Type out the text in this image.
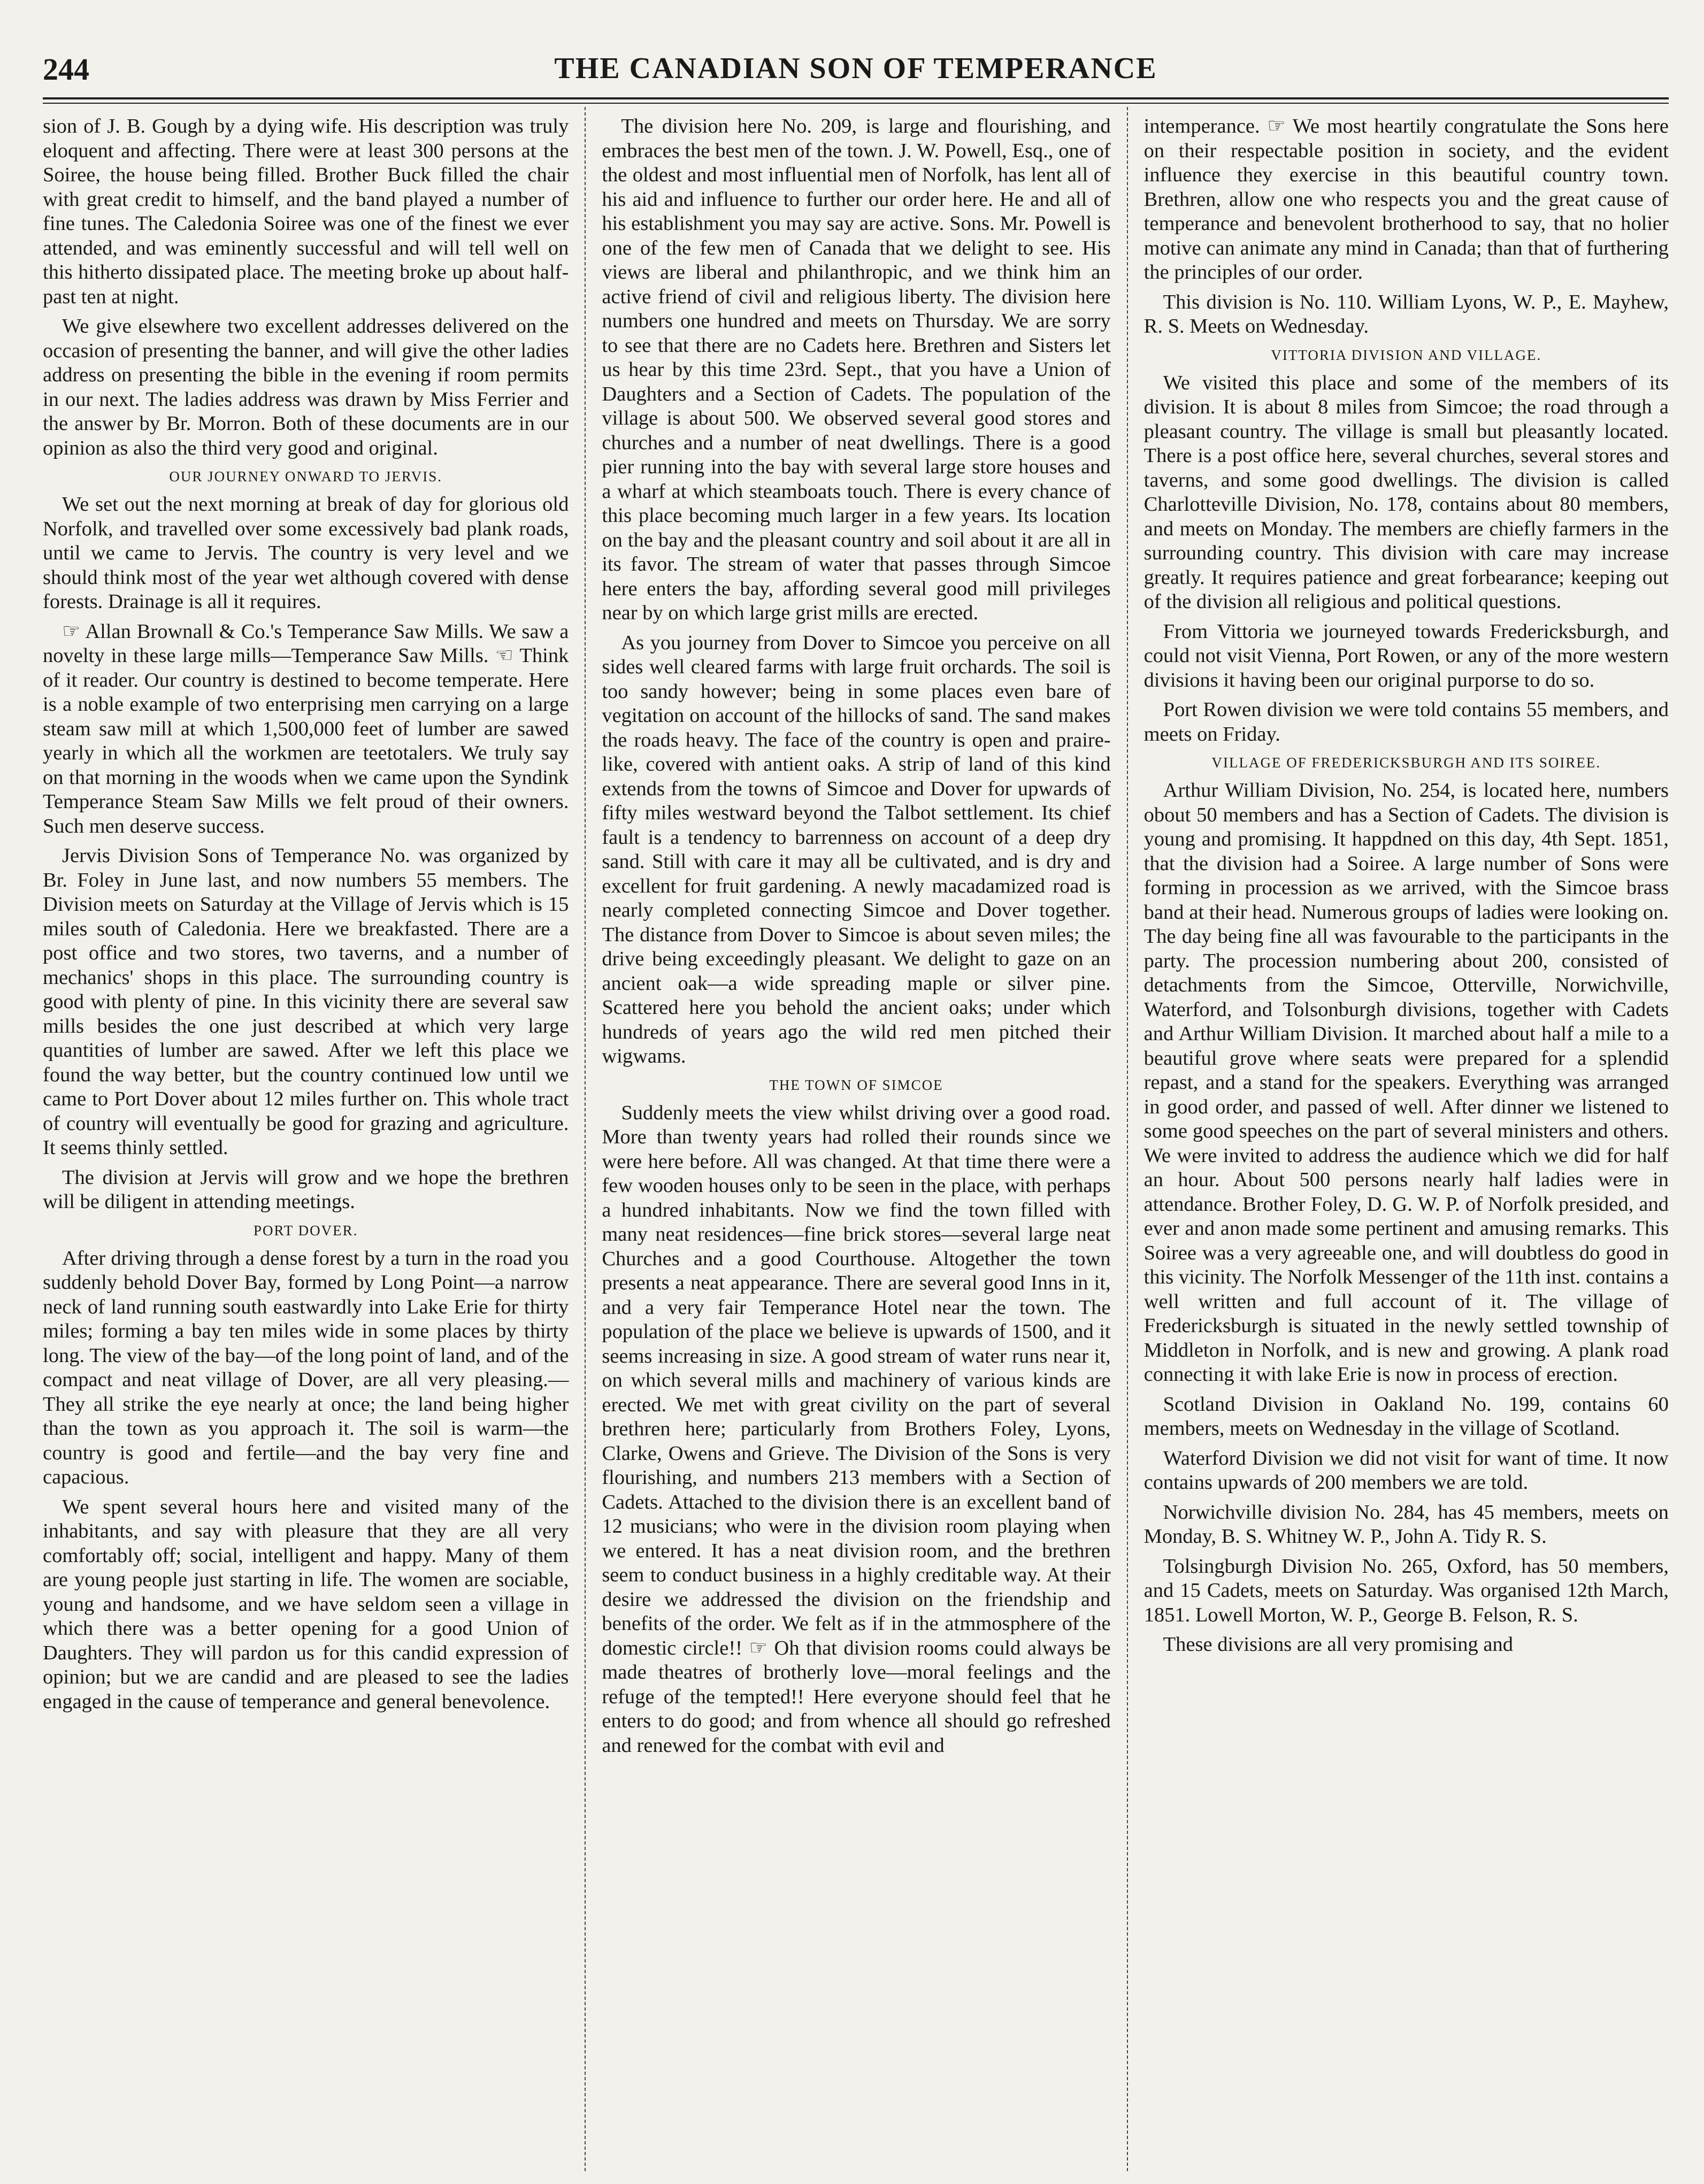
244	THE CANADIAN SON OF TEMPERANCE

sion of J. B. Gough by a dying wife. His description was truly eloquent and affecting. There were at least 300 persons at the Soiree, the house being filled. Brother Buck filled the chair with great credit to himself, and the band played a number of fine tunes. The Caledonia Soiree was one of the finest we ever attended, and was eminently successful and will tell well on this hitherto dissipated place. The meeting broke up about half-past ten at night.

We give elsewhere two excellent addresses delivered on the occasion of presenting the banner, and will give the other ladies address on presenting the bible in the evening if room permits in our next. The ladies address was drawn by Miss Ferrier and the answer by Br. Morron. Both of these documents are in our opinion as also the third very good and original.

OUR JOURNEY ONWARD TO JERVIS.

We set out the next morning at break of day for glorious old Norfolk, and travelled over some excessively bad plank roads, until we came to Jervis. The country is very level and we should think most of the year wet although covered with dense forests. Drainage is all it requires.

☞ Allan Brownall & Co.'s Temperance Saw Mills. We saw a novelty in these large mills—Temperance Saw Mills. ☜ Think of it reader. Our country is destined to become temperate. Here is a noble example of two enterprising men carrying on a large steam saw mill at which 1,500,000 feet of lumber are sawed yearly in which all the workmen are teetotalers. We truly say on that morning in the woods when we came upon the Syndink Temperance Steam Saw Mills we felt proud of their owners. Such men deserve success.

Jervis Division Sons of Temperance No. was organized by Br. Foley in June last, and now numbers 55 members. The Division meets on Saturday at the Village of Jervis which is 15 miles south of Caledonia. Here we breakfasted. There are a post office and two stores, two taverns, and a number of mechanics' shops in this place. The surrounding country is good with plenty of pine. In this vicinity there are several saw mills besides the one just described at which very large quantities of lumber are sawed. After we left this place we found the way better, but the country continued low until we came to Port Dover about 12 miles further on. This whole tract of country will eventually be good for grazing and agriculture. It seems thinly settled.

The division at Jervis will grow and we hope the brethren will be diligent in attending meetings.

PORT DOVER.

After driving through a dense forest by a turn in the road you suddenly behold Dover Bay, formed by Long Point—a narrow neck of land running south eastwardly into Lake Erie for thirty miles; forming a bay ten miles wide in some places by thirty long. The view of the bay—of the long point of land, and of the compact and neat village of Dover, are all very pleasing.—They all strike the eye nearly at once; the land being higher than the town as you approach it. The soil is warm—the country is good and fertile—and the bay very fine and capacious.

We spent several hours here and visited many of the inhabitants, and say with pleasure that they are all very comfortably off; social, intelligent and happy. Many of them are young people just starting in life. The women are sociable, young and handsome, and we have seldom seen a village in which there was a better opening for a good Union of Daughters. They will pardon us for this candid expression of opinion; but we are candid and are pleased to see the ladies engaged in the cause of temperance and general benevolence.

The division here No. 209, is large and flourishing, and embraces the best men of the town. J. W. Powell, Esq., one of the oldest and most influential men of Norfolk, has lent all of his aid and influence to further our order here. He and all of his establishment you may say are active. Sons. Mr. Powell is one of the few men of Canada that we delight to see. His views are liberal and philanthropic, and we think him an active friend of civil and religious liberty. The division here numbers one hundred and meets on Thursday. We are sorry to see that there are no Cadets here. Brethren and Sisters let us hear by this time 23rd. Sept., that you have a Union of Daughters and a Section of Cadets. The population of the village is about 500. We observed several good stores and churches and a number of neat dwellings. There is a good pier running into the bay with several large store houses and a wharf at which steamboats touch. There is every chance of this place becoming much larger in a few years. Its location on the bay and the pleasant country and soil about it are all in its favor. The stream of water that passes through Simcoe here enters the bay, affording several good mill privileges near by on which large grist mills are erected.

As you journey from Dover to Simcoe you perceive on all sides well cleared farms with large fruit orchards. The soil is too sandy however; being in some places even bare of vegitation on account of the hillocks of sand. The sand makes the roads heavy. The face of the country is open and praire-like, covered with antient oaks. A strip of land of this kind extends from the towns of Simcoe and Dover for upwards of fifty miles westward beyond the Talbot settlement. Its chief fault is a tendency to barrenness on account of a deep dry sand. Still with care it may all be cultivated, and is dry and excellent for fruit gardening. A newly macadamized road is nearly completed connecting Simcoe and Dover together. The distance from Dover to Simcoe is about seven miles; the drive being exceedingly pleasant. We delight to gaze on an ancient oak—a wide spreading maple or silver pine. Scattered here you behold the ancient oaks; under which hundreds of years ago the wild red men pitched their wigwams.

THE TOWN OF SIMCOE

Suddenly meets the view whilst driving over a good road. More than twenty years had rolled their rounds since we were here before. All was changed. At that time there were a few wooden houses only to be seen in the place, with perhaps a hundred inhabitants. Now we find the town filled with many neat residences—fine brick stores—several large neat Churches and a good Courthouse. Altogether the town presents a neat appearance. There are several good Inns in it, and a very fair Temperance Hotel near the town. The population of the place we believe is upwards of 1500, and it seems increasing in size. A good stream of water runs near it, on which several mills and machinery of various kinds are erected. We met with great civility on the part of several brethren here; particularly from Brothers Foley, Lyons, Clarke, Owens and Grieve. The Division of the Sons is very flourishing, and numbers 213 members with a Section of Cadets. Attached to the division there is an excellent band of 12 musicians; who were in the division room playing when we entered. It has a neat division room, and the brethren seem to conduct business in a highly creditable way. At their desire we addressed the division on the friendship and benefits of the order. We felt as if in the atmmosphere of the domestic circle!! ☞ Oh that division rooms could always be made theatres of brotherly love—moral feelings and the refuge of the tempted!! Here everyone should feel that he enters to do good; and from whence all should go refreshed and renewed for the combat with evil and

intemperance. ☞ We most heartily congratulate the Sons here on their respectable position in society, and the evident influence they exercise in this beautiful country town. Brethren, allow one who respects you and the great cause of temperance and benevolent brotherhood to say, that no holier motive can animate any mind in Canada; than that of furthering the principles of our order.

This division is No. 110. William Lyons, W. P., E. Mayhew, R. S. Meets on Wednesday.

VITTORIA DIVISION AND VILLAGE.

We visited this place and some of the members of its division. It is about 8 miles from Simcoe; the road through a pleasant country. The village is small but pleasantly located. There is a post office here, several churches, several stores and taverns, and some good dwellings. The division is called Charlotteville Division, No. 178, contains about 80 members, and meets on Monday. The members are chiefly farmers in the surrounding country. This division with care may increase greatly. It requires patience and great forbearance; keeping out of the division all religious and political questions.

From Vittoria we journeyed towards Fredericksburgh, and could not visit Vienna, Port Rowen, or any of the more western divisions it having been our original purporse to do so.

Port Rowen division we were told contains 55 members, and meets on Friday.

VILLAGE OF FREDERICKSBURGH AND ITS SOIREE.

Arthur William Division, No. 254, is located here, numbers obout 50 members and has a Section of Cadets. The division is young and promising. It happdned on this day, 4th Sept. 1851, that the division had a Soiree. A large number of Sons were forming in procession as we arrived, with the Simcoe brass band at their head. Numerous groups of ladies were looking on. The day being fine all was favourable to the participants in the party. The procession numbering about 200, consisted of detachments from the Simcoe, Otterville, Norwichville, Waterford, and Tolsonburgh divisions, together with Cadets and Arthur William Division. It marched about half a mile to a beautiful grove where seats were prepared for a splendid repast, and a stand for the speakers. Everything was arranged in good order, and passed of well. After dinner we listened to some good speeches on the part of several ministers and others. We were invited to address the audience which we did for half an hour. About 500 persons nearly half ladies were in attendance. Brother Foley, D. G. W. P. of Norfolk presided, and ever and anon made some pertinent and amusing remarks. This Soiree was a very agreeable one, and will doubtless do good in this vicinity. The Norfolk Messenger of the 11th inst. contains a well written and full account of it. The village of Fredericksburgh is situated in the newly settled township of Middleton in Norfolk, and is new and growing. A plank road connecting it with lake Erie is now in process of erection.

Scotland Division in Oakland No. 199, contains 60 members, meets on Wednesday in the village of Scotland.

Waterford Division we did not visit for want of time. It now contains upwards of 200 members we are told.

Norwichville division No. 284, has 45 members, meets on Monday, B. S. Whitney W. P., John A. Tidy R. S.

Tolsingburgh Division No. 265, Oxford, has 50 members, and 15 Cadets, meets on Saturday. Was organised 12th March, 1851. Lowell Morton, W. P., George B. Felson, R. S.

These divisions are all very promising and
